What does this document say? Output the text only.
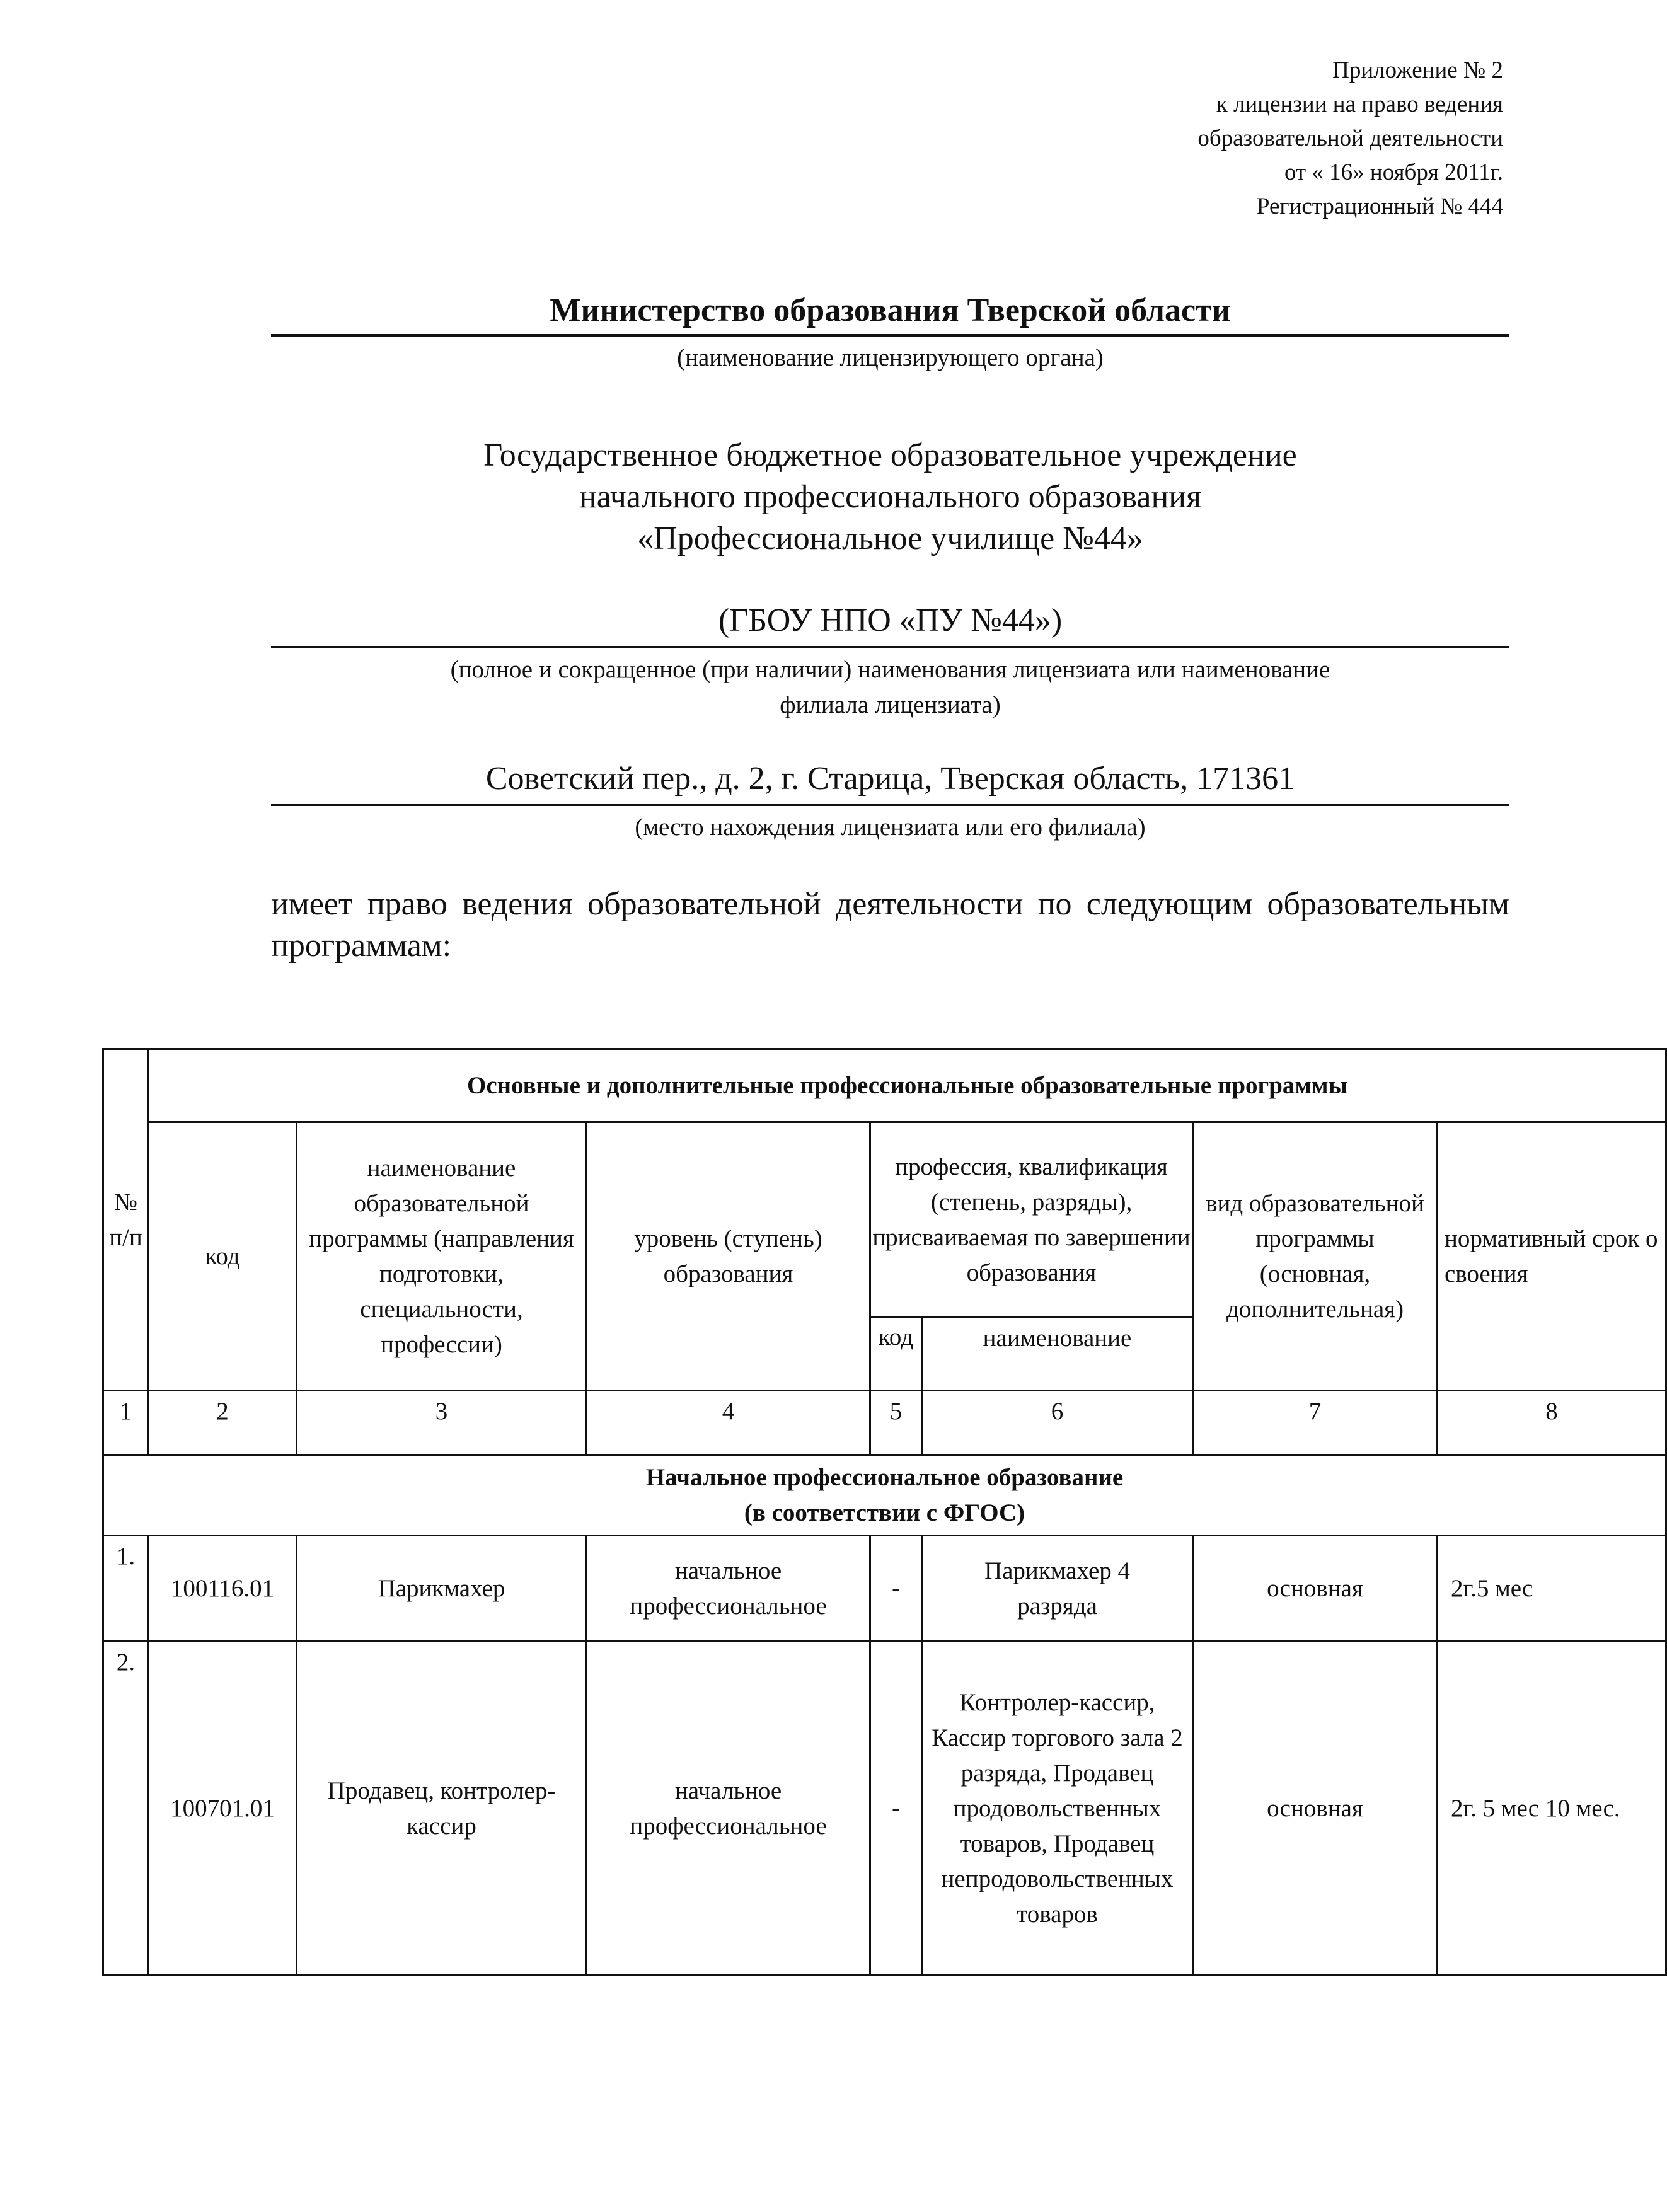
Приложение № 2
к лицензии на право ведения
образовательной деятельности
от « 16» ноября 2011г.
Регистрационный № 444
Министерство образования Тверской области
(наименование лицензирующего органа)
Государственное бюджетное образовательное учреждение
начального профессионального образования
«Профессиональное училище №44»
(ГБОУ НПО «ПУ №44»)
(полное и сокращенное (при наличии) наименования лицензиата или наименование
филиала лицензиата)
Советский пер., д. 2, г. Старица, Тверская область, 171361
(место нахождения лицензиата или его филиала)
имеет право ведения образовательной деятельности по следующим образовательным программам:
№ п/п	Основные и дополнительные профессиональные образовательные программы						
	код	наименование образовательной программы (направления подготовки, специальности, профессии)	уровень (ступень) образования	профессия, квалификация (степень, разряды), присваиваемая по завершении образования		вид образовательной программы (основная, дополнительная)	нормативный срок освоения
				код	наименование		
1	2	3	4	5	6	7	8

Начальное профессиональное образование
(в соответствии с ФГОС)							

1.	100116.01	Парикмахер	начальное профессиональное	-	Парикмахер 4 разряда	основная	2г.5 мес
2.	100701.01	Продавец, контролер-кассир	начальное профессиональное	-	Контролер-кассир, Кассир торгового зала 2 разряда, Продавец продовольственных товаров, Продавец непродовольственных товаров	основная	2г. 5 мес 10 мес.
